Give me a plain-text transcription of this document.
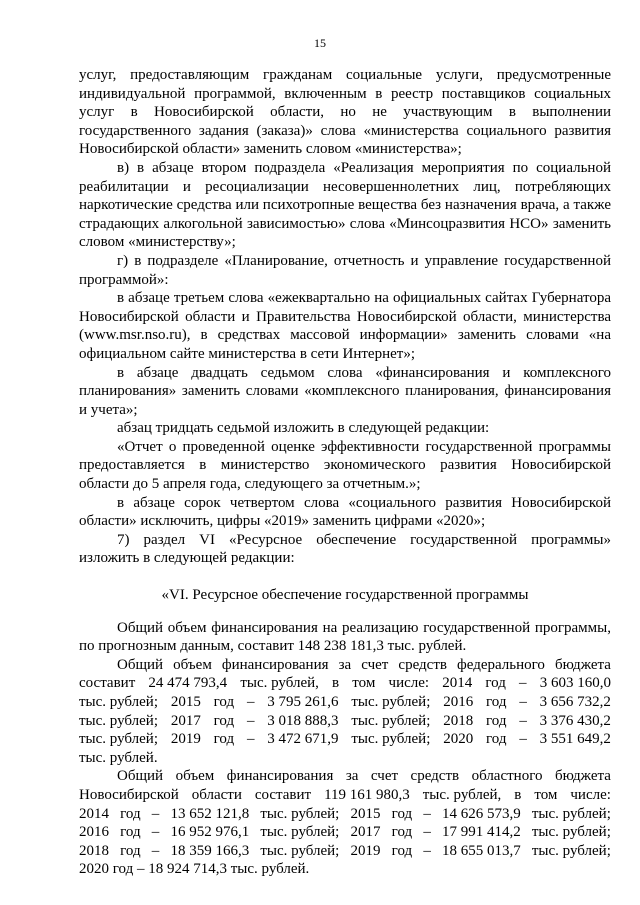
15

услуг, предоставляющим гражданам социальные услуги, предусмотренные индивидуальной программой, включенным в реестр поставщиков социальных услуг в Новосибирской области, но не участвующим в выполнении государственного задания (заказа)» слова «министерства социального развития Новосибирской области» заменить словом «министерства»;

в) в абзаце втором подраздела «Реализация мероприятия по социальной реабилитации и ресоциализации несовершеннолетних лиц, потребляющих наркотические средства или психотропные вещества без назначения врача, а также страдающих алкогольной зависимостью» слова «Минсоцразвития НСО» заменить словом «министерству»;

г) в подразделе «Планирование, отчетность и управление государственной программой»:

в абзаце третьем слова «ежеквартально на официальных сайтах Губернатора Новосибирской области и Правительства Новосибирской области, министерства (www.msr.nso.ru), в средствах массовой информации» заменить словами «на официальном сайте министерства в сети Интернет»;

в абзаце двадцать седьмом слова «финансирования и комплексного планирования» заменить словами «комплексного планирования, финансирования и учета»;

абзац тридцать седьмой изложить в следующей редакции:

«Отчет о проведенной оценке эффективности государственной программы предоставляется в министерство экономического развития Новосибирской области до 5 апреля года, следующего за отчетным.»;

в абзаце сорок четвертом слова «социального развития Новосибирской области» исключить, цифры «2019» заменить цифрами «2020»;

7) раздел VI «Ресурсное обеспечение государственной программы» изложить в следующей редакции:

«VI. Ресурсное обеспечение государственной программы

Общий объем финансирования на реализацию государственной программы, по прогнозным данным, составит 148 238 181,3 тыс. рублей.

Общий объем финансирования за счет средств федерального бюджета
составит 24 474 793,4 тыс. рублей, в том числе: 2014 год – 3 603 160,0
тыс. рублей; 2015 год – 3 795 261,6 тыс. рублей; 2016 год – 3 656 732,2
тыс. рублей; 2017 год – 3 018 888,3 тыс. рублей; 2018 год – 3 376 430,2
тыс. рублей; 2019 год – 3 472 671,9 тыс. рублей; 2020 год – 3 551 649,2
тыс. рублей.
Общий объем финансирования за счет средств областного бюджета
Новосибирской области составит 119 161 980,3 тыс. рублей, в том числе:
2014 год – 13 652 121,8 тыс. рублей; 2015 год – 14 626 573,9 тыс. рублей;
2016 год – 16 952 976,1 тыс. рублей; 2017 год – 17 991 414,2 тыс. рублей;
2018 год – 18 359 166,3 тыс. рублей; 2019 год – 18 655 013,7 тыс. рублей;
2020 год – 18 924 714,3 тыс. рублей.
